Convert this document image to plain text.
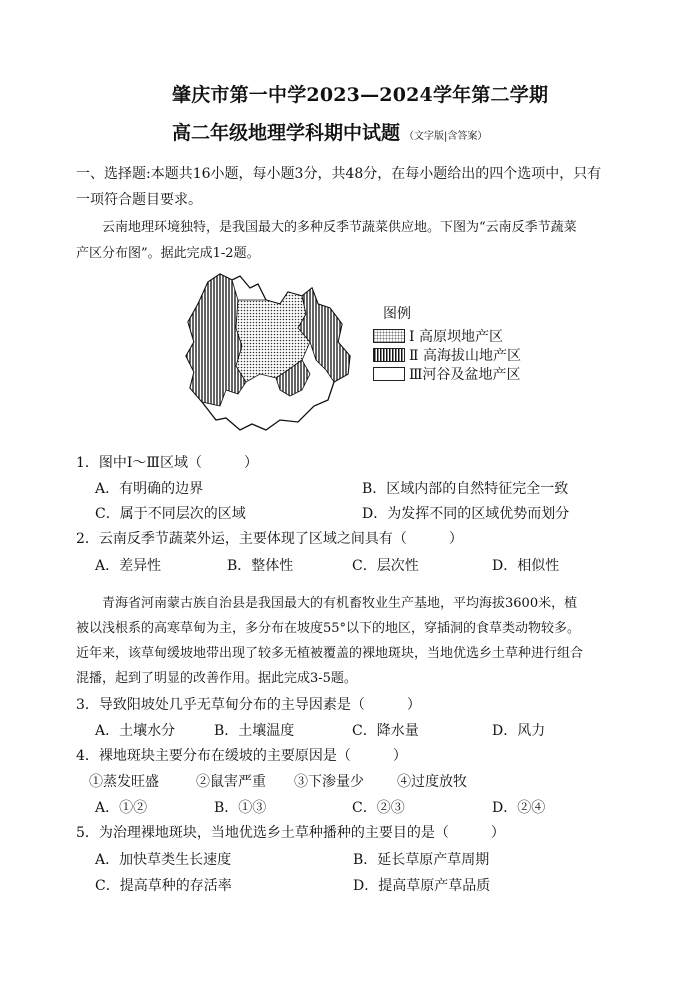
肇庆市第一中学2023—2024学年第二学期
高二年级地理学科期中试题 （文字版|含答案）
一、选择题:本题共16小题，每小题3分，共48分，在每小题给出的四个选项中，只有
一项符合题目要求。
云南地理环境独特，是我国最大的多种反季节蔬菜供应地。下图为“云南反季节蔬菜
产区分布图”。据此完成1-2题。
图例
Ⅰ 高原坝地产区
Ⅱ 高海拔山地产区
Ⅲ河谷及盆地产区
1．图中Ⅰ～Ⅲ区域（　　　）
A．有明确的边界	B．区域内部的自然特征完全一致
C．属于不同层次的区域	D．为发挥不同的区域优势而划分
2．云南反季节蔬菜外运，主要体现了区域之间具有（　　　）
A．差异性	B．整体性	C．层次性	D．相似性
青海省河南蒙古族自治县是我国最大的有机畜牧业生产基地，平均海拔3600米，植
被以浅根系的高寒草甸为主，多分布在坡度55°以下的地区，穿插洞的食草类动物较多。
近年来，该草甸缓坡地带出现了较多无植被覆盖的裸地斑块，当地优选乡土草种进行组合
混播，起到了明显的改善作用。据此完成3-5题。
3．导致阳坡处几乎无草甸分布的主导因素是（　　　）
A．土壤水分	B．土壤温度	C．降水量	D．风力
4．裸地斑块主要分布在缓坡的主要原因是（　　　）
①蒸发旺盛	②鼠害严重 ③下渗量少 ④过度放牧
A．①②	B．①③	C．②③	D．②④
5．为治理裸地斑块，当地优选乡土草种播种的主要目的是（　　　）
A．加快草类生长速度	B．延长草原产草周期
C．提高草种的存活率	D．提高草原产草品质
